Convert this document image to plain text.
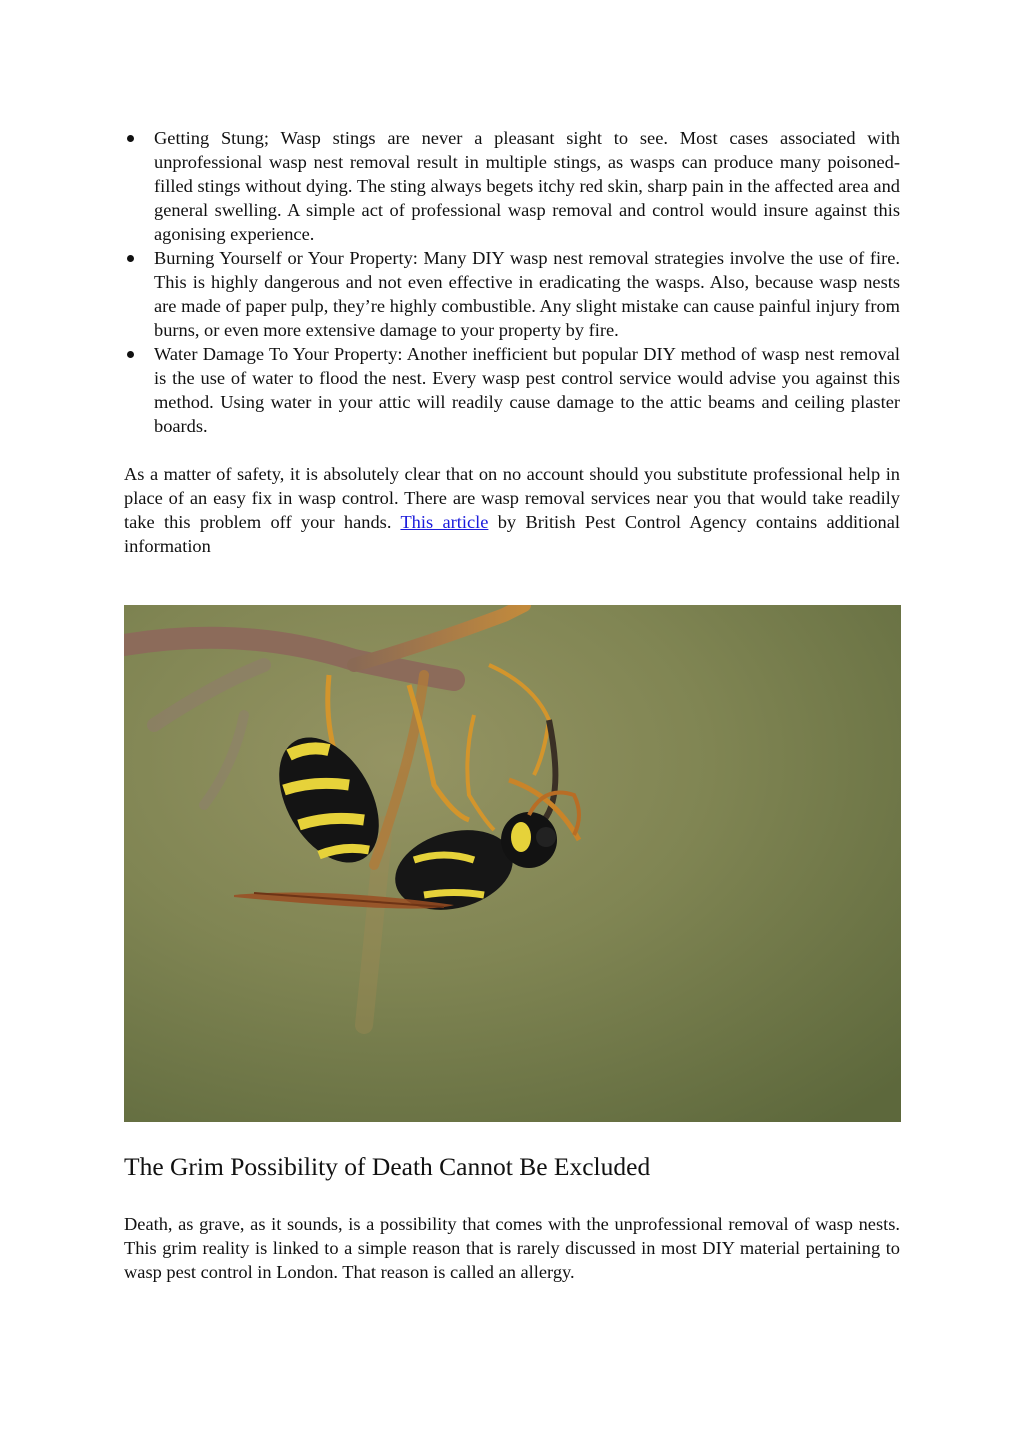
Getting Stung; Wasp stings are never a pleasant sight to see. Most cases associated with unprofessional wasp nest removal result in multiple stings, as wasps can produce many poisoned-filled stings without dying. The sting always begets itchy red skin, sharp pain in the affected area and general swelling. A simple act of professional wasp removal and control would insure against this agonising experience.
Burning Yourself or Your Property: Many DIY wasp nest removal strategies involve the use of fire. This is highly dangerous and not even effective in eradicating the wasps. Also, because wasp nests are made of paper pulp, they’re highly combustible. Any slight mistake can cause painful injury from burns, or even more extensive damage to your property by fire.
Water Damage To Your Property: Another inefficient but popular DIY method of wasp nest removal is the use of water to flood the nest. Every wasp pest control service would advise you against this method. Using water in your attic will readily cause damage to the attic beams and ceiling plaster boards.

As a matter of safety, it is absolutely clear that on no account should you substitute professional help in place of an easy fix in wasp control. There are wasp removal services near you that would take readily take this problem off your hands. This article by British Pest Control Agency contains additional information

The Grim Possibility of Death Cannot Be Excluded

Death, as grave, as it sounds, is a possibility that comes with the unprofessional removal of wasp nests. This grim reality is linked to a simple reason that is rarely discussed in most DIY material pertaining to wasp pest control in London. That reason is called an allergy.
